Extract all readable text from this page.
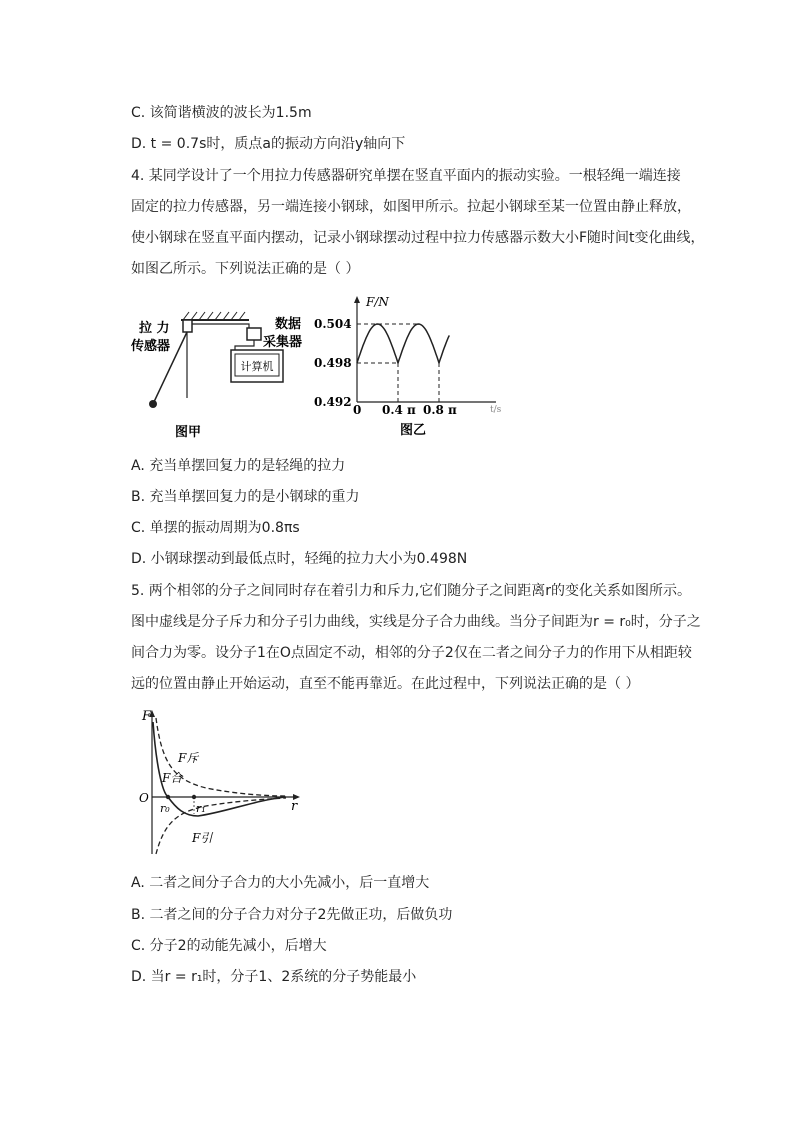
C. 该简谐横波的波长为1.5m
D. t = 0.7s时，质点a的振动方向沿y轴向下
4. 某同学设计了一个用拉力传感器研究单摆在竖直平面内的振动实验。一根轻绳一端连接
固定的拉力传感器，另一端连接小钢球，如图甲所示。拉起小钢球至某一位置由静止释放，
使小钢球在竖直平面内摆动，记录小钢球摆动过程中拉力传感器示数大小F随时间t变化曲线，
如图乙所示。下列说法正确的是（ ）
计算机
拉 力
传感器
数据
采集器
图甲
F/N
t/s
0.504
0.498
0.492
0 0.4 π 0.8 π
图乙
A. 充当单摆回复力的是轻绳的拉力
B. 充当单摆回复力的是小钢球的重力
C. 单摆的振动周期为0.8πs
D. 小钢球摆动到最低点时，轻绳的拉力大小为0.498N
5. 两个相邻的分子之间同时存在着引力和斥力,它们随分子之间距离r的变化关系如图所示。
图中虚线是分子斥力和分子引力曲线，实线是分子合力曲线。当分子间距为r = r₀时，分子之
间合力为零。设分子1在O点固定不动，相邻的分子2仅在二者之间分子力的作用下从相距较
远的位置由静止开始运动，直至不能再靠近。在此过程中，下列说法正确的是（ ）
F
r
O
r₀ r₁
F斥
F合
F引
A. 二者之间分子合力的大小先减小，后一直增大
B. 二者之间的分子合力对分子2先做正功，后做负功
C. 分子2的动能先减小，后增大
D. 当r = r₁时，分子1、2系统的分子势能最小
